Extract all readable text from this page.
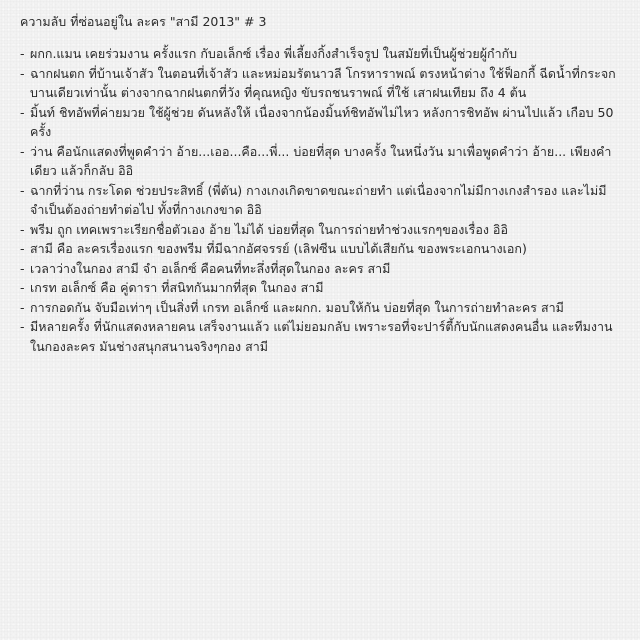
ความลับ ที่ซ่อนอยู่ใน ละคร "สามี 2013" # 3
- ผกก.แมน เคยร่วมงาน ครั้งแรก กับอเล็กซ์ เรื่อง พี่เลี้ยงกิ้งสำเร็จรูป ในสมัยที่เป็นผู้ช่วยผู้กำกับ
- ฉากฝนตก ที่บ้านเจ้าสัว ในตอนที่เจ้าสัว และหม่อมรัตนาวลี โกรหาราพณ์ ตรงหน้าต่าง ใช้ฟ็อกกี้ ฉีดน้ำที่กระจก บานเดียวเท่านั้น ต่างจากฉากฝนตกที่วัง ที่คุณหญิง ขับรถชนราพณ์ ที่ใช้ เสาฝนเทียม ถึง 4 ต้น
- มิ้นท์ ชิทอัพที่ค่ายมวย ใช้ผู้ช่วย ดันหลังให้ เนื่องจากน้องมิ้นท์ชิทอัพไม่ไหว หลังการชิทอัพ ผ่านไปแล้ว เกือบ 50 ครั้ง
- ว่าน คือนักแสดงที่พูดคำว่า อ้าย...เออ...คือ...พี่... บ่อยที่สุด บางครั้ง ในหนึ่งวัน มาเพื่อพูดคำว่า อ้าย... เพียงคำเดียว แล้วก็กลับ อิอิ
- ฉากที่ว่าน กระโดด ช่วยประสิทธิ์ (พี่ตัน) กางเกงเกิดขาดขณะถ่ายทำ แต่เนื่องจากไม่มีกางเกงสำรอง และไม่มีจำเป็นต้องถ่ายทำต่อไป ทั้งที่กางเกงขาด อิอิ
- พรีม ถูก เทคเพราะเรียกชื่อตัวเอง อ้าย ไม่ได้ บ่อยที่สุด ในการถ่ายทำช่วงแรกๆของเรื่อง อิอิ
- สามี คือ ละครเรื่องแรก ของพรีม ที่มีฉากอัศจรรย์ (เลิฟซีน แบบได้เสียกัน ของพระเอกนางเอก)
- เวลาว่างในกอง สามี จำ อเล็กซ์ คือคนที่ทะลึ่งที่สุดในกอง ละคร สามี
- เกรท อเล็กซ์ คือ คู่ดารา ที่สนิทกันมากที่สุด ในกอง สามี
- การกอดกัน จับมือเท่าๆ เป็นสิ่งที่ เกรท อเล็กซ์ และผกก. มอบให้กัน บ่อยที่สุด ในการถ่ายทำละคร สามี
- มีหลายครั้ง ที่นักแสดงหลายคน เสร็จงานแล้ว แต่ไม่ยอมกลับ เพราะรอที่จะปาร์ตี้กับนักแสดงคนอื่น และทีมงาน ในกองละคร มันช่างสนุกสนานจริงๆกอง สามี
